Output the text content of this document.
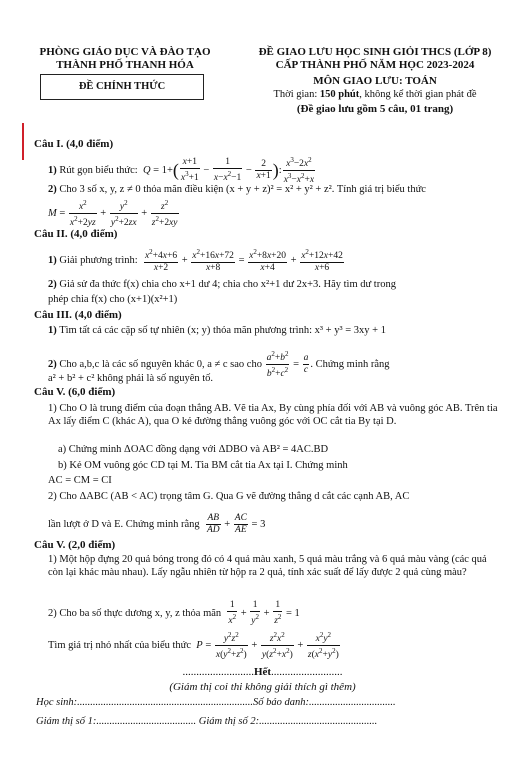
PHÒNG GIÁO DỤC VÀ ĐÀO TẠO
THÀNH PHỐ THANH HÓA
ĐỀ CHÍNH THỨC
ĐỀ GIAO LƯU HỌC SINH GIỎI THCS (LỚP 8)
CẤP THÀNH PHỐ NĂM HỌC 2023-2024
MÔN GIAO LƯU: TOÁN
Thời gian: 150 phút, không kể thời gian phát đề
(Đề giao lưu gồm 5 câu, 01 trang)
Câu I. (4,0 điểm)
1) Rút gọn biểu thức: $Q = 1+( \frac{x+1}{x^3+1} - \frac{1}{x-x^2-1} - \frac{2}{x+1}$ ): $\frac{x^3-2x^2}{x^3-x^2+x}$
2) Cho 3 số x, y, z ≠ 0 thỏa mãn điều kiện (x + y + z)² = x² + y² + z². Tính giá trị biểu thức
$M = \frac{x^2}{x^2+2yz} + \frac{y^2}{y^2+2zx} + \frac{z^2}{z^2+2xy}$
Câu II. (4,0 điểm)
1) Giải phương trình: $\frac{x^2+4x+6}{x+2} + \frac{x^2+16x+72}{x+8} = \frac{x^2+8x+20}{x+4} + \frac{x^2+12x+42}{x+6}$
2) Giả sử đa thức f(x) chia cho x+1 dư 4; chia cho x²+1 dư 2x+3. Hãy tìm dư trong
phép chia f(x) cho (x+1)(x²+1)
Câu III. (4,0 điểm)
1) Tìm tất cả các cặp số tự nhiên (x; y) thỏa mãn phương trình: x³ + y³ = 3xy + 1
2) Cho a,b,c là các số nguyên khác 0, a ≠ c sao cho $\frac{a^2+b^2}{b^2+c^2} = \frac{a}{c}$ . Chứng minh rằng
a² + b² + c² không phải là số nguyên tố.
Câu V. (6,0 điểm)
1) Cho O là trung điểm của đoạn thẳng AB. Vẽ tia Ax, By cùng phía đối với AB và vuông góc AB. Trên tia Ax lấy điểm C (khác A), qua O kẻ đường thẳng vuông góc với OC cắt tia By tại D.
a) Chứng minh ΔOAC đồng dạng với ΔDBO và AB² = 4AC.BD
b) Kẻ OM vuông góc CD tại M. Tia BM cắt tia Ax tại I. Chứng minh
AC = CM = CI
2) Cho ΔABC (AB < AC) trọng tâm G. Qua G vẽ đường thẳng d cắt các cạnh AB, AC
lần lượt ở D và E. Chứng minh rằng $\frac{AB}{AD} + \frac{AC}{AE} = 3$
Câu V. (2,0 điểm)
1) Một hộp đựng 20 quả bóng trong đó có 4 quả màu xanh, 5 quả màu trắng và 6 quả màu vàng (các quả còn lại khác màu nhau). Lấy ngẫu nhiên từ hộp ra 2 quả, tính xác suất để lấy được 2 quả cùng màu?
2) Cho ba số thực dương x, y, z thỏa mãn $\frac{1}{x^2} + \frac{1}{y^2} + \frac{1}{z^2} = 1$
Tìm giá trị nhỏ nhất của biểu thức $P = \frac{y^2z^2}{x(y^2+z^2)} + \frac{z^2x^2}{y(z^2+x^2)} + \frac{x^2y^2}{z(x^2+y^2)}$
..........................Hết..........................
(Giám thị coi thi không giải thích gì thêm)
Học sinh:...................................................................Số báo danh:.................................
Giám thị số 1:...................................... Giám thị số 2:.............................................
